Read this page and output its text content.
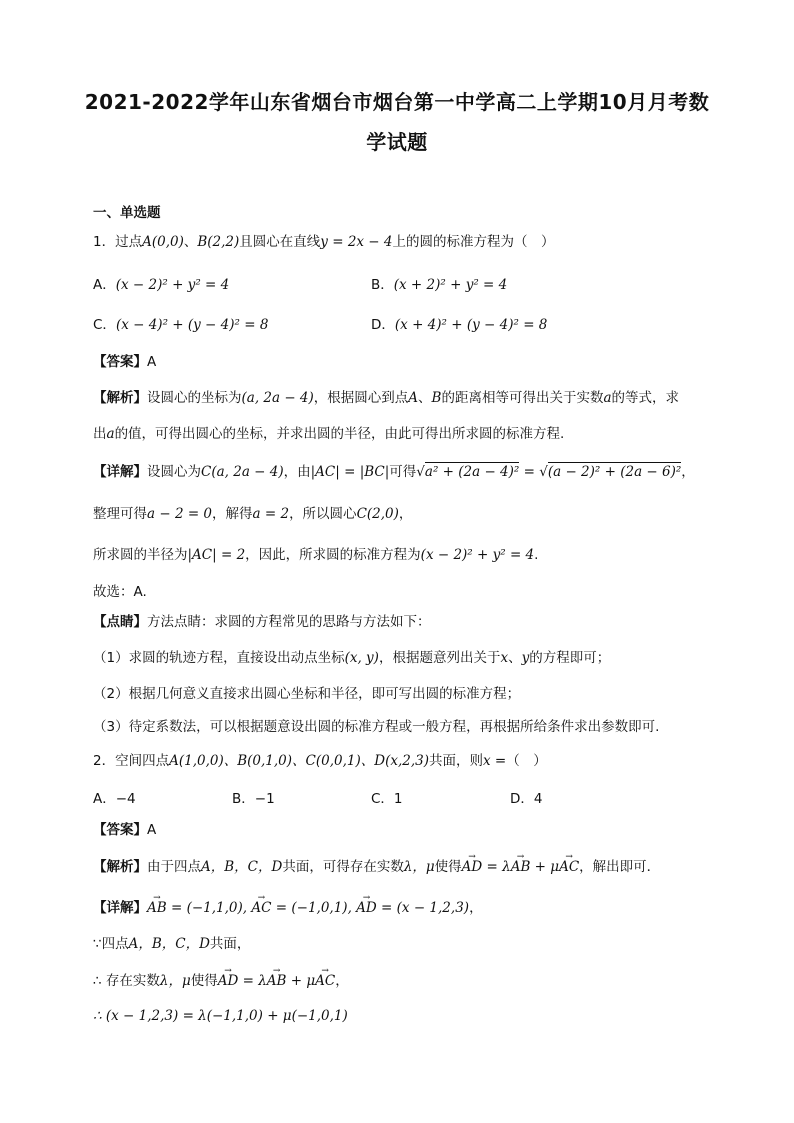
2021-2022学年山东省烟台市烟台第一中学高二上学期10月月考数
学试题
一、单选题
1．过点A(0,0)、B(2,2)且圆心在直线y = 2x − 4上的圆的标准方程为（　）
A．(x − 2)² + y² = 4	B．(x + 2)² + y² = 4
C．(x − 4)² + (y − 4)² = 8	D．(x + 4)² + (y − 4)² = 8
【答案】A
【解析】设圆心的坐标为(a, 2a − 4)，根据圆心到点A、B的距离相等可得出关于实数a的等式，求
出a的值，可得出圆心的坐标，并求出圆的半径，由此可得出所求圆的标准方程.
【详解】设圆心为C(a, 2a − 4)，由|AC| = |BC|可得√a² + (2a − 4)² = √(a − 2)² + (2a − 6)²，
整理可得a − 2 = 0，解得a = 2，所以圆心C(2,0)，
所求圆的半径为|AC| = 2，因此，所求圆的标准方程为(x − 2)² + y² = 4.
故选：A.
【点睛】方法点睛：求圆的方程常见的思路与方法如下：
（1）求圆的轨迹方程，直接设出动点坐标(x, y)，根据题意列出关于x、y的方程即可；
（2）根据几何意义直接求出圆心坐标和半径，即可写出圆的标准方程；
（3）待定系数法，可以根据题意设出圆的标准方程或一般方程，再根据所给条件求出参数即可.
2．空间四点A(1,0,0)、B(0,1,0)、C(0,0,1)、D(x,2,3)共面，则x =（　）
A．−4	B．−1	C．1	D．4
【答案】A
【解析】由于四点A，B，C，D共面，可得存在实数λ，μ使得→ AD = λ→ AB + μ→ AC，解出即可．
【详解】→ AB = (−1,1,0), → AC = (−1,0,1), → AD = (x − 1,2,3)，
∵四点A，B，C，D共面，
∴ 存在实数λ，μ使得→ AD = λ→ AB + μ→ AC，
∴ (x − 1,2,3) = λ(−1,1,0) + μ(−1,0,1)
